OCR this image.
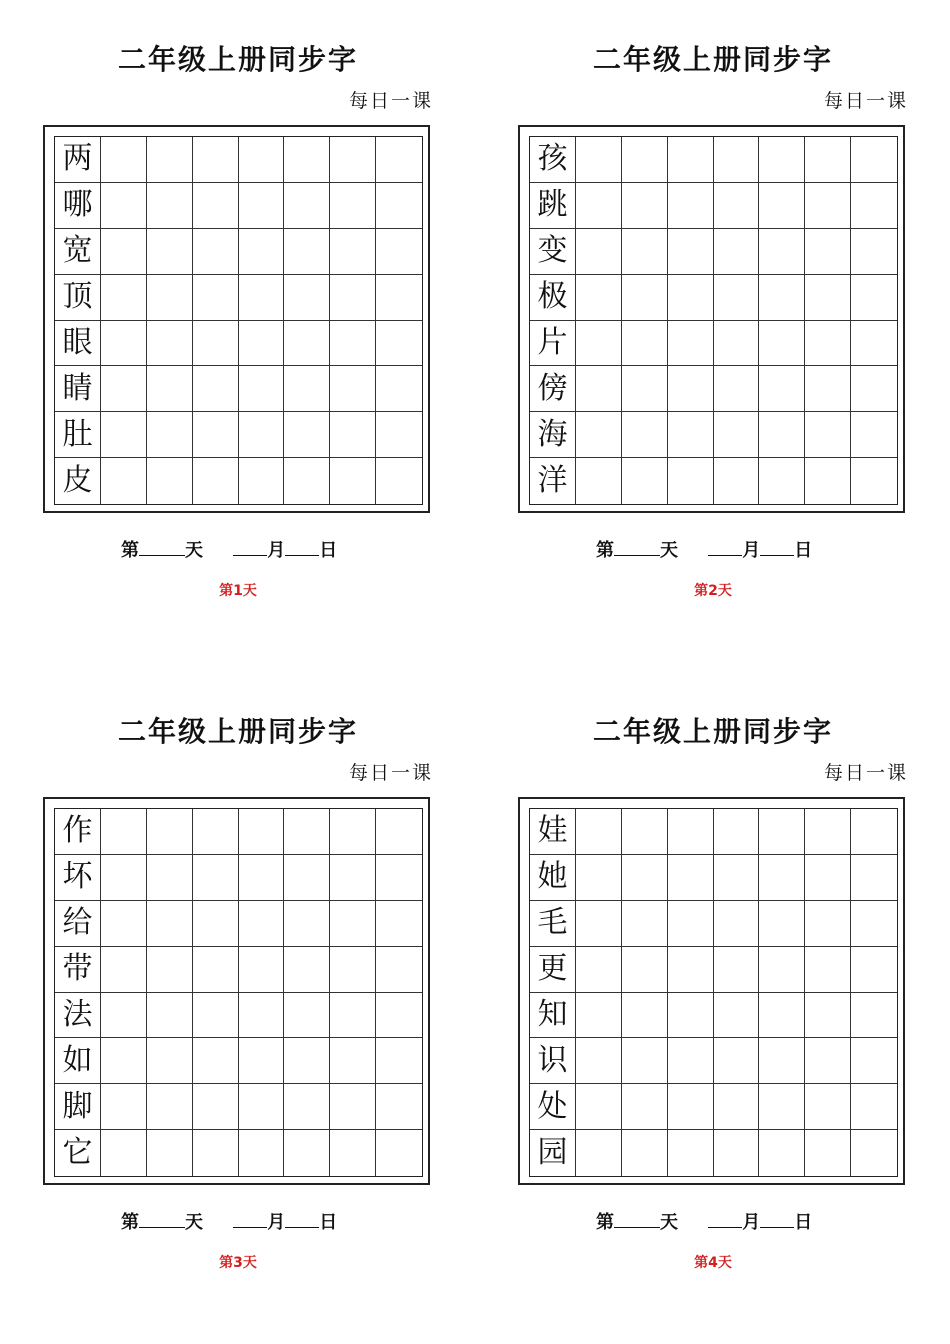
二年级上册同步字
每日一课
两
哪
宽
顶
眼
睛
肚
皮
第	天	月 日
第1天
二年级上册同步字
每日一课
孩
跳
变
极
片
傍
海
洋
第	天	月 日
第2天
二年级上册同步字
每日一课
作
坏
给
带
法
如
脚
它
第	天	月 日
第3天
二年级上册同步字
每日一课
娃
她
毛
更
知
识
处
园
第	天	月 日
第4天
